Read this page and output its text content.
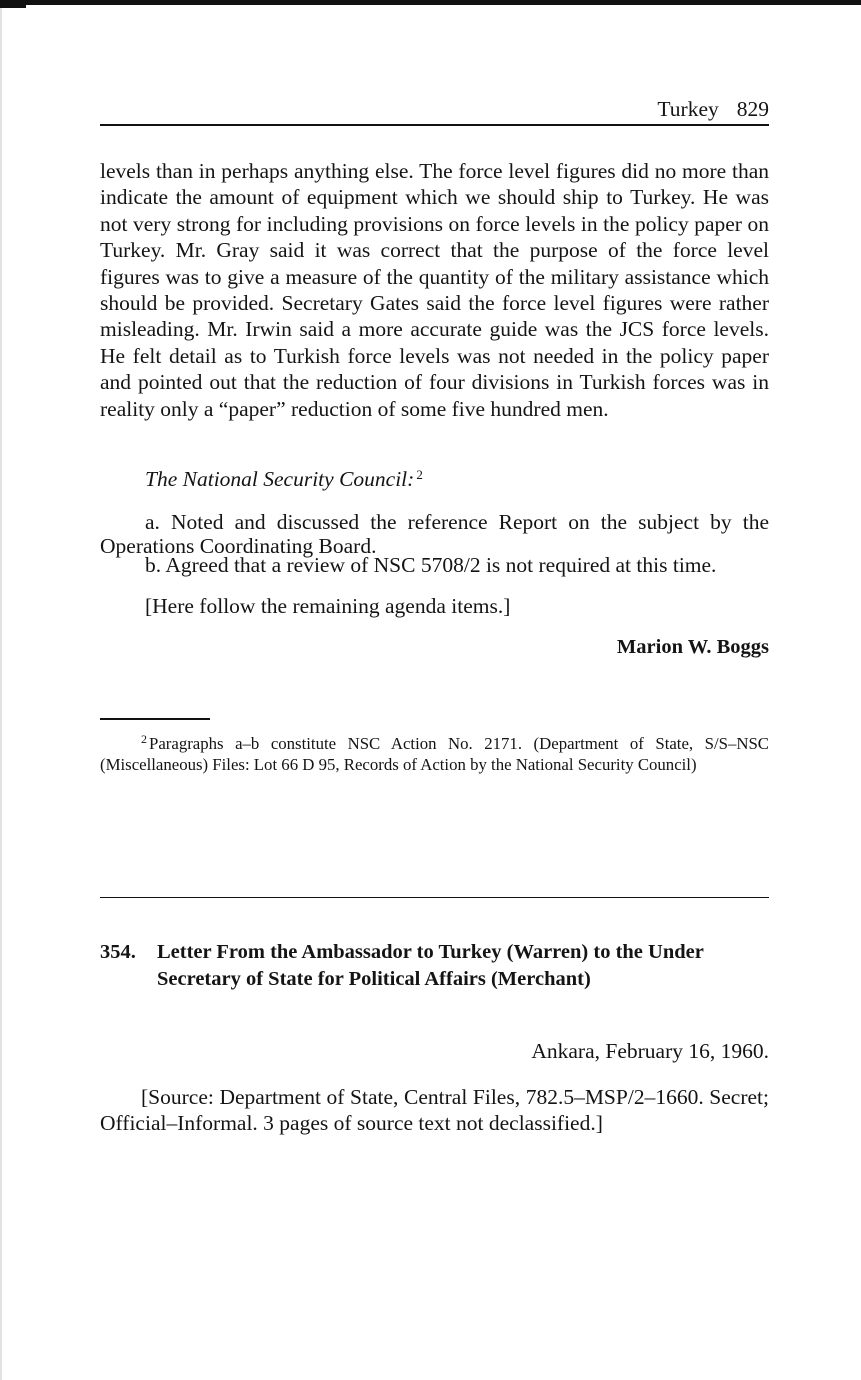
Turkey 829
levels than in perhaps anything else. The force level figures did no more than indicate the amount of equipment which we should ship to Turkey. He was not very strong for including provisions on force levels in the policy paper on Turkey. Mr. Gray said it was correct that the purpose of the force level figures was to give a measure of the quantity of the military assistance which should be provided. Secretary Gates said the force level figures were rather misleading. Mr. Irwin said a more accurate guide was the JCS force levels. He felt detail as to Turkish force levels was not needed in the policy paper and pointed out that the reduction of four divisions in Turkish forces was in reality only a “paper” reduction of some five hundred men.
The National Security Council: $^2$
a. Noted and discussed the reference Report on the subject by the Operations Coordinating Board.
b. Agreed that a review of NSC 5708/2 is not required at this time.
[Here follow the remaining agenda items.]
Marion W. Boggs
$^2$ Paragraphs a–b constitute NSC Action No. 2171. (Department of State, S/S–NSC (Miscellaneous) Files: Lot 66 D 95, Records of Action by the National Security Council)
354.	Letter From the Ambassador to Turkey (Warren) to the Under Secretary of State for Political Affairs (Merchant)
Ankara, February 16, 1960.
[Source: Department of State, Central Files, 782.5–MSP/2–1660. Secret; Official–Informal. 3 pages of source text not declassified.]
